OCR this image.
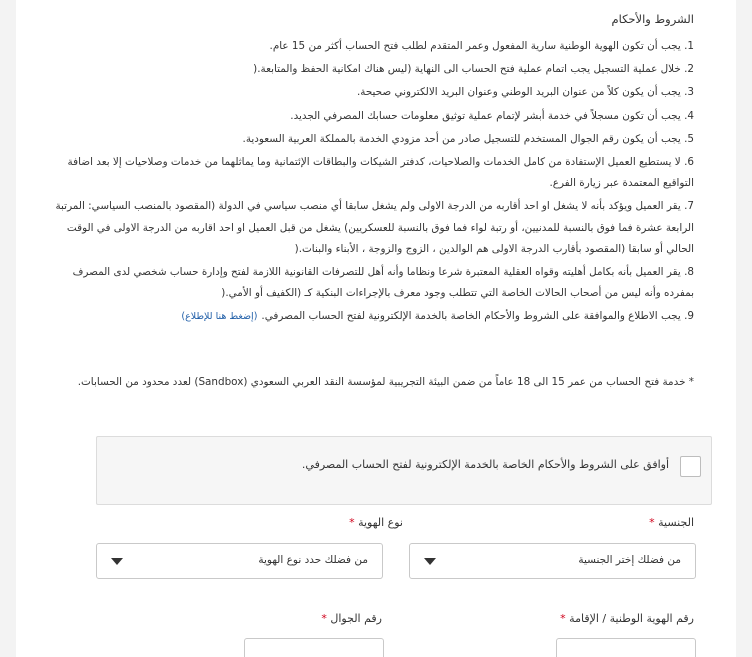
الشروط والأحكام
1. يجب أن تكون الهوية الوطنية سارية المفعول وعمر المتقدم لطلب فتح الحساب أكثر من 15 عام.
2. خلال عملية التسجيل يجب اتمام عملية فتح الحساب الى النهاية (ليس هناك امكانية الحفظ والمتابعة.(
3. يجب أن يكون كلاً من عنوان البريد الوطني وعنوان البريد الالكتروني صحيحة.
4. يجب أن تكون مسجلاً في خدمة أبشر لإتمام عملية توثيق معلومات حسابك المصرفي الجديد.
5. يجب أن يكون رقم الجوال المستخدم للتسجيل صادر من أحد مزودي الخدمة بالمملكة العربية السعودية.
6. لا يستطيع العميل الإستفادة من كامل الخدمات والصلاحيات، كدفتر الشيكات والبطاقات الإئتمانية وما يماثلهما من خدمات وصلاحيات إلا بعد اضافة التواقيع المعتمدة عبر زيارة الفرع.
7. يقر العميل ويؤكد بأنه لا يشغل او احد أقاربه من الدرجة الاولى ولم يشغل سابقا أي منصب سياسي في الدولة (المقصود بالمنصب السياسي: المرتبة الرابعة عشرة فما فوق بالنسبة للمدنيين، أو رتبة لواء فما فوق بالنسبة للعسكريين) يشغل من قبل العميل او احد اقاربه من الدرجة الاولى في الوقت الحالي أو سابقا (المقصود بأقارب الدرجة الاولى هم الوالدين ، الزوج والزوجة ، الأبناء والبنات.(
8. يقر العميل بأنه بكامل أهليته وقواه العقلية المعتبرة شرعا ونظاما وأنه أهل للتصرفات القانونية اللازمة لفتح وإدارة حساب شخصي لدى المصرف بمفرده وأنه ليس من أصحاب الحالات الخاصة التي تتطلب وجود معرف بالإجراءات البنكية كـ (الكفيف أو الأمي.(
9. يجب الاطلاع والموافقة على الشروط والأحكام الخاصة بالخدمة الإلكترونية لفتح الحساب المصرفي.(إضغط هنا للإطلاع)
* خدمة فتح الحساب من عمر 15 الى 18 عاماً من ضمن البيئة التجريبية لمؤسسة النقد العربي السعودي (Sandbox) لعدد محدود من الحسابات.
أوافق على الشروط والأحكام الخاصة بالخدمة الإلكترونية لفتح الحساب المصرفي.
الجنسية *
من فضلك إختر الجنسية
نوع الهوية *
من فضلك حدد نوع الهوية
رقم الهوية الوطنية / الإقامة *
رقم الجوال *
